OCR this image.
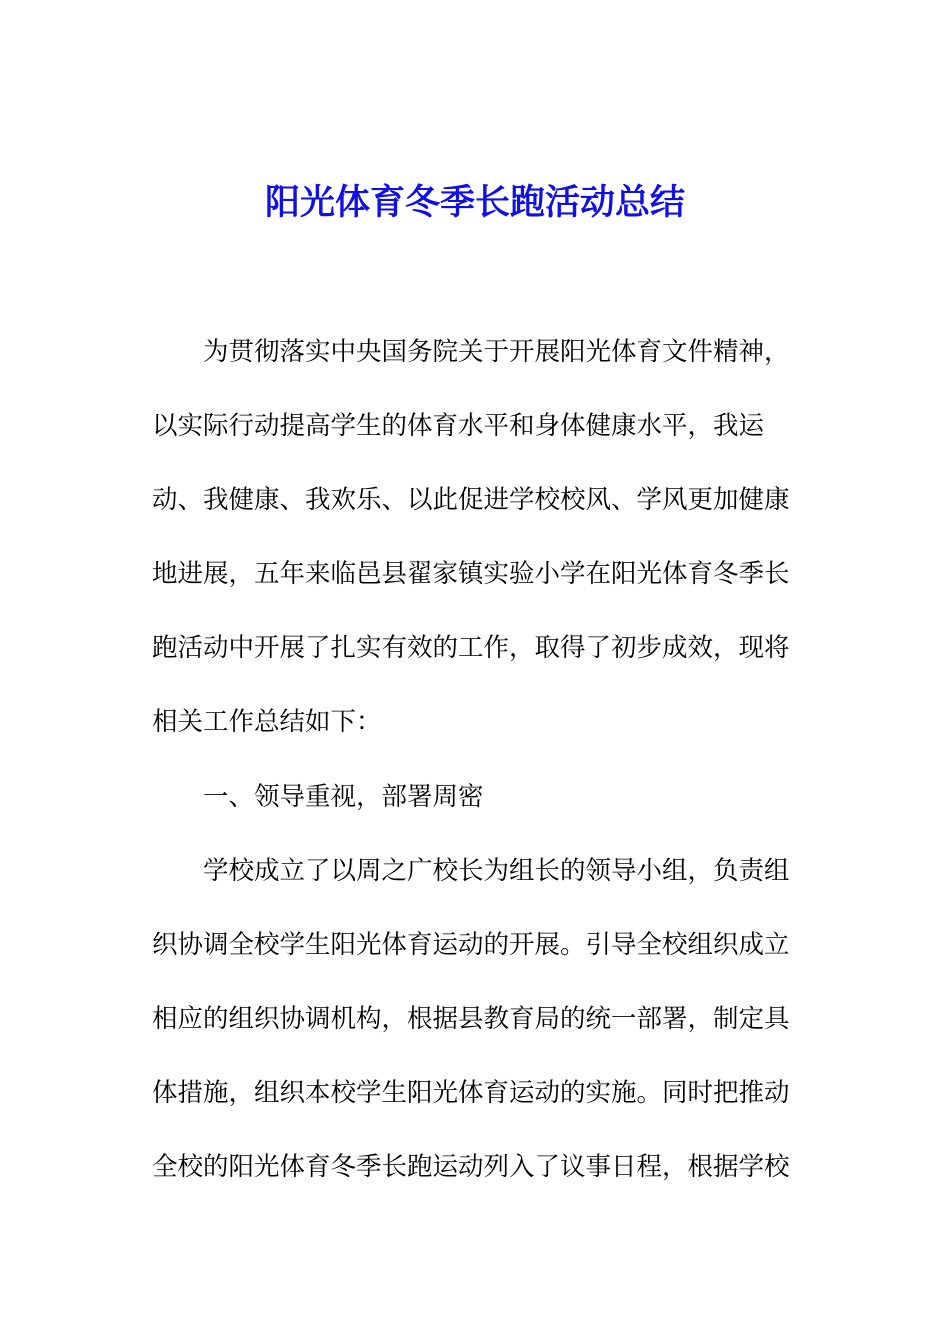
阳光体育冬季长跑活动总结

为贯彻落实中央国务院关于开展阳光体育文件精神，

以实际行动提高学生的体育水平和身体健康水平，我运

动、我健康、我欢乐、以此促进学校校风、学风更加健康

地进展，五年来临邑县翟家镇实验小学在阳光体育冬季长

跑活动中开展了扎实有效的工作，取得了初步成效，现将

相关工作总结如下：

一、领导重视，部署周密

学校成立了以周之广校长为组长的领导小组，负责组

织协调全校学生阳光体育运动的开展。引导全校组织成立

相应的组织协调机构，根据县教育局的统一部署，制定具

体措施，组织本校学生阳光体育运动的实施。同时把推动

全校的阳光体育冬季长跑运动列入了议事日程，根据学校
